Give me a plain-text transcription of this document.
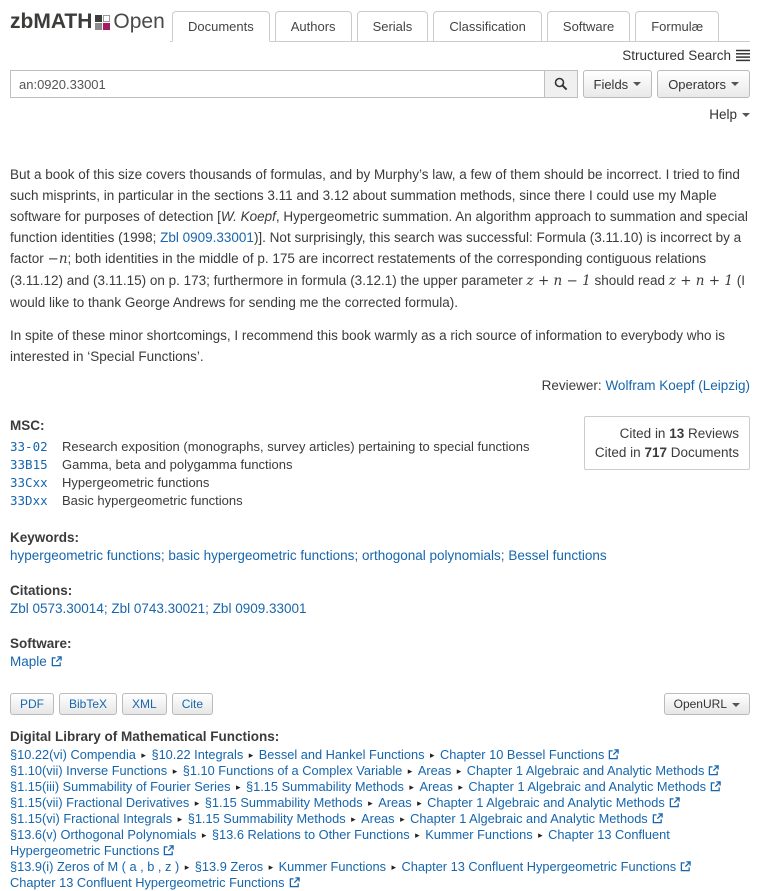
zbMATH Open	Documents	Authors	Serials	Classification	Software	Formulæ
Structured Search
an:0920.33001
Fields	Operators
Help

But a book of this size covers thousands of formulas, and by Murphy’s law, a few of them should be incorrect. I tried to find such misprints, in particular in the sections 3.11 and 3.12 about summation methods, since there I could use my Maple software for purposes of detection [W. Koepf, Hypergeometric summation. An algorithm approach to summation and special function identities (1998; Zbl 0909.33001)]. Not surprisingly, this search was successful: Formula (3.11.10) is incorrect by a factor −n; both identities in the middle of p. 175 are incorrect restatements of the corresponding contiguous relations (3.11.12) and (3.11.15) on p. 173; furthermore in formula (3.12.1) the upper parameter z + n − 1 should read z + n + 1 (I would like to thank George Andrews for sending me the corrected formula).

In spite of these minor shortcomings, I recommend this book warmly as a rich source of information to everybody who is interested in ‘Special Functions’.

Reviewer: Wolfram Koepf (Leipzig)
MSC:
33-02	Research exposition (monographs, survey articles) pertaining to special functions
33B15	Gamma, beta and polygamma functions
33Cxx	Hypergeometric functions
33Dxx	Basic hypergeometric functions
Cited in 13 Reviews
Cited in 717 Documents
Keywords:
hypergeometric functions; basic hypergeometric functions; orthogonal polynomials; Bessel functions
Citations:
Zbl 0573.30014; Zbl 0743.30021; Zbl 0909.33001
Software:
Maple
PDF	BibTeX	XML	Cite	OpenURL
Digital Library of Mathematical Functions:
§10.22(vi) Compendia ▸ §10.22 Integrals ▸ Bessel and Hankel Functions ▸ Chapter 10 Bessel Functions
§1.10(vii) Inverse Functions ▸ §1.10 Functions of a Complex Variable ▸ Areas ▸ Chapter 1 Algebraic and Analytic Methods
§1.15(iii) Summability of Fourier Series ▸ §1.15 Summability Methods ▸ Areas ▸ Chapter 1 Algebraic and Analytic Methods
§1.15(vii) Fractional Derivatives ▸ §1.15 Summability Methods ▸ Areas ▸ Chapter 1 Algebraic and Analytic Methods
§1.15(vi) Fractional Integrals ▸ §1.15 Summability Methods ▸ Areas ▸ Chapter 1 Algebraic and Analytic Methods
§13.6(v) Orthogonal Polynomials ▸ §13.6 Relations to Other Functions ▸ Kummer Functions ▸ Chapter 13 Confluent Hypergeometric Functions
§13.9(i) Zeros of M ( a , b , z ) ▸ §13.9 Zeros ▸ Kummer Functions ▸ Chapter 13 Confluent Hypergeometric Functions
Chapter 13 Confluent Hypergeometric Functions
